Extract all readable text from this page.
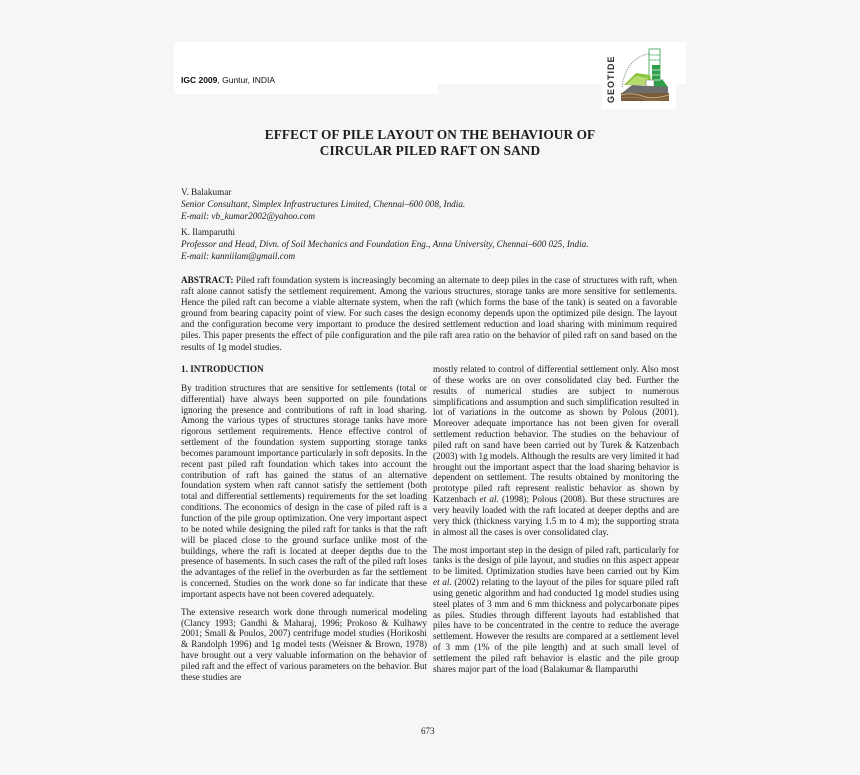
IGC 2009, Guntur, INDIA	GEOTIDE
EFFECT OF PILE LAYOUT ON THE BEHAVIOUR OF
CIRCULAR PILED RAFT ON SAND
V. Balakumar
Senior Consultant, Simplex Infrastructures Limited, Chennai–600 008, India.
E-mail: vb_kumar2002@yahoo.com
K. Ilamparuthi
Professor and Head, Divn. of Soil Mechanics and Foundation Eng., Anna University, Chennai–600 025, India.
E-mail: kanniilam@gmail.com
ABSTRACT: Piled raft foundation system is increasingly becoming an alternate to deep piles in the case of structures with raft, when raft alone cannot satisfy the settlement requirement. Among the various structures, storage tanks are more sensitive for settlements. Hence the piled raft can become a viable alternate system, when the raft (which forms the base of the tank) is seated on a favorable ground from bearing capacity point of view. For such cases the design economy depends upon the optimized pile design. The layout and the configuration become very important to produce the desired settlement reduction and load sharing with minimum required piles. This paper presents the effect of pile configuration and the pile raft area ratio on the behavior of piled raft on sand based on the results of 1g model studies.
1. INTRODUCTION

By tradition structures that are sensitive for settlements (total or differential) have always been supported on pile foundations ignoring the presence and contributions of raft in load sharing. Among the various types of structures storage tanks have more rigorous settlement requirements. Hence effective control of settlement of the foundation system supporting storage tanks becomes paramount importance particularly in soft deposits. In the recent past piled raft foundation which takes into account the contribution of raft has gained the status of an alternative foundation system when raft cannot satisfy the settlement (both total and differential settlements) requirements for the set loading conditions. The economics of design in the case of piled raft is a function of the pile group optimization. One very important aspect to be noted while designing the piled raft for tanks is that the raft will be placed close to the ground surface unlike most of the buildings, where the raft is located at deeper depths due to the presence of basements. In such cases the raft of the piled raft loses the advantages of the relief in the overburden as far the settlement is concerned. Studies on the work done so far indicate that these important aspects have not been covered adequately.

The extensive research work done through numerical modeling (Clancy 1993; Gandhi & Maharaj, 1996; Prokoso & Kulhawy 2001; Small & Poulos, 2007) centrifuge model studies (Horikoshi & Randolph 1996) and 1g model tests (Weisner & Brown, 1978) have brought out a very valuable information on the behavior of piled raft and the effect of various parameters on the behavior. But these studies are

mostly related to control of differential settlement only. Also most of these works are on over consolidated clay bed. Further the results of numerical studies are subject to numerous simplifications and assumption and such simplification resulted in lot of variations in the outcome as shown by Polous (2001). Moreover adequate importance has not been given for overall settlement reduction behavior. The studies on the behaviour of piled raft on sand have been carried out by Turek & Katzenbach (2003) with 1g models. Although the results are very limited it had brought out the important aspect that the load sharing behavior is dependent on settlement. The results obtained by monitoring the prototype piled raft represent realistic behavior as shown by Katzenbach et al. (1998); Polous (2008). But these structures are very heavily loaded with the raft located at deeper depths and are very thick (thickness varying 1.5 m to 4 m); the supporting strata in almost all the cases is over consolidated clay.

The most important step in the design of piled raft, particularly for tanks is the design of pile layout, and studies on this aspect appear to be limited. Optimization studies have been carried out by Kim et al. (2002) relating to the layout of the piles for square piled raft using genetic algorithm and had conducted 1g model studies using steel plates of 3 mm and 6 mm thickness and polycarbonate pipes as piles. Studies through different layouts had established that piles have to be concentrated in the centre to reduce the average settlement. However the results are compared at a settlement level of 3 mm (1% of the pile length) and at such small level of settlement the piled raft behavior is elastic and the pile group shares major part of the load (Balakumar & Ilamparuthi

673
